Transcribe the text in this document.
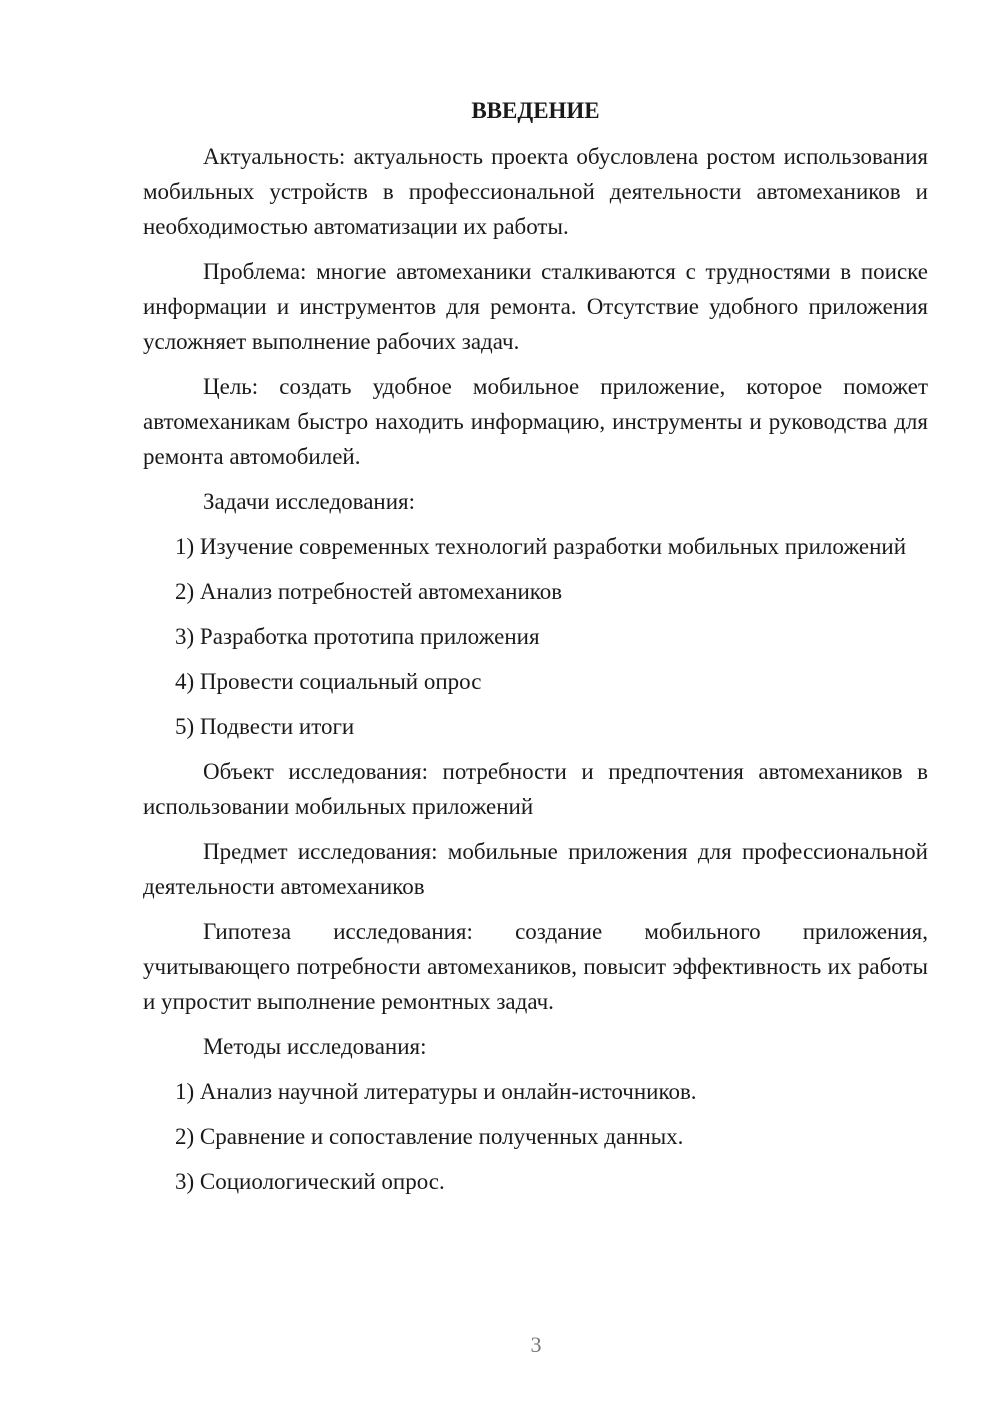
ВВЕДЕНИЕ

Актуальность: актуальность проекта обусловлена ростом использования мобильных устройств в профессиональной деятельности автомехаников и необходимостью автоматизации их работы.

Проблема: многие автомеханики сталкиваются с трудностями в поиске информации и инструментов для ремонта. Отсутствие удобного приложения усложняет выполнение рабочих задач.

Цель: создать удобное мобильное приложение, которое поможет автомеханикам быстро находить информацию, инструменты и руководства для ремонта автомобилей.

Задачи исследования:

1) Изучение современных технологий разработки мобильных приложений

2) Анализ потребностей автомехаников

3) Разработка прототипа приложения

4) Провести социальный опрос

5) Подвести итоги

Объект исследования: потребности и предпочтения автомехаников в использовании мобильных приложений

Предмет исследования: мобильные приложения для профессиональной деятельности автомехаников

Гипотеза исследования: создание мобильного приложения, учитывающего потребности автомехаников, повысит эффективность их работы и упростит выполнение ремонтных задач.

Методы исследования:

1) Анализ научной литературы и онлайн-источников.

2) Сравнение и сопоставление полученных данных.

3) Социологический опрос.

3
